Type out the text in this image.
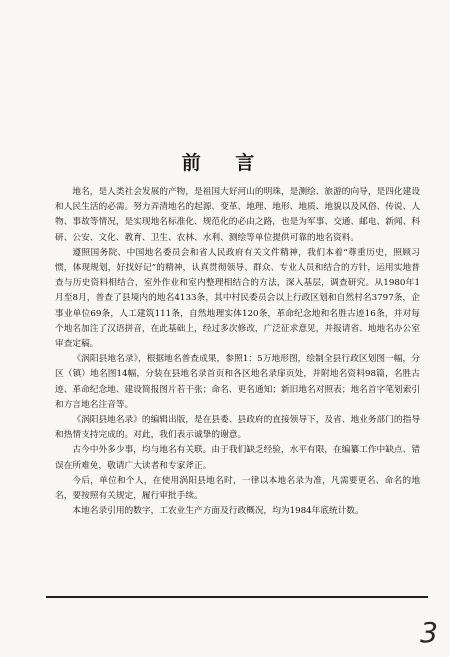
前 言

地名，是人类社会发展的产物，是祖国大好河山的明珠，是测绘、旅游的向导，是四化建设和人民生活的必需。努力弄清地名的起源、变革、地理、地形、地质、地貌以及风俗、传说、人物、事故等情况，是实现地名标准化、规范化的必由之路，也是为军事、交通、邮电、新闻、科研、公安、文化、教育、卫生、农林、水利、测绘等单位提供可靠的地名资料。

遵照国务院、中国地名委员会和省人民政府有关文件精神，我们本着“尊重历史，照顾习惯，体现规划，好找好记”的精神，认真贯彻领导、群众、专业人员和结合的方针，运用实地普查与历史资料相结合，室外作业和室内整理相结合的方法，深入基层，调查研究。从1980年1月至8月，普查了县境内的地名4133条，其中村民委员会以上行政区划和自然村名3797条，企事业单位69条，人工建筑111条，自然地理实体120条，革命纪念地和名胜古迹16条，并对每个地名加注了汉语拼音，在此基础上，经过多次修改，广泛征求意见，并报请省、地地名办公室审查定稿。

《涡阳县地名录》，根据地名普查成果，参照1：5万地形图，绘制全县行政区划图一幅，分区（镇）地名图14幅，分装在县地名录首页和各区地名录扉页处，并附地名资料98篇，名胜古迹、革命纪念地、建设简报图片若干张；命名、更名通知；新旧地名对照表；地名首字笔划索引和方言地名注音等。

《涡阳县地名录》的编辑出版，是在县委、县政府的直接领导下，及省、地业务部门的指导和热情支持完成的。对此，我们表示诚挚的谢意。

古今中外多少事，均与地名有关联。由于我们缺乏经验，水平有限，在编纂工作中缺点、错误在所难免，敬请广大读者和专家斧正。

今后，单位和个人，在使用涡阳县地名时，一律以本地名录为准，凡需要更名、命名的地名，要按照有关规定，履行审批手续。

本地名录引用的数字，工农业生产方面及行政概况，均为1984年底统计数。

3
